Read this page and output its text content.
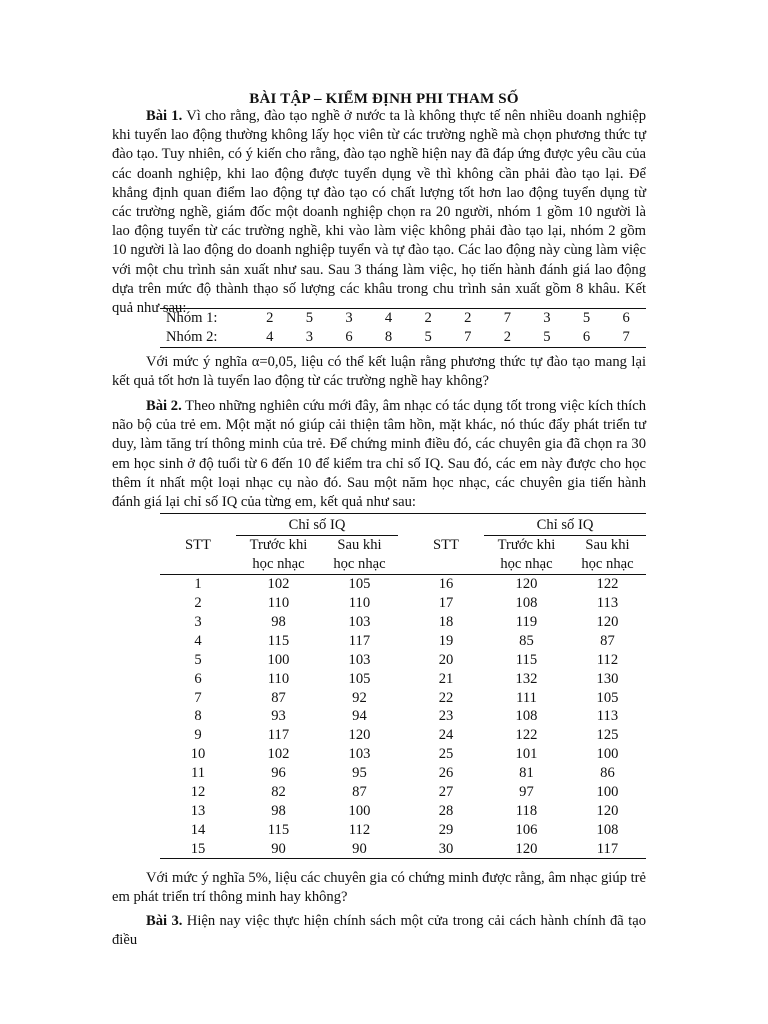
BÀI TẬP – KIỂM ĐỊNH PHI THAM SỐ

Bài 1. Vì cho rằng, đào tạo nghề ở nước ta là không thực tế nên nhiều doanh nghiệp khi tuyển lao động thường không lấy học viên từ các trường nghề mà chọn phương thức tự đào tạo. Tuy nhiên, có ý kiến cho rằng, đào tạo nghề hiện nay đã đáp ứng được yêu cầu của các doanh nghiệp, khi lao động được tuyển dụng về thì không cần phải đào tạo lại. Để khẳng định quan điểm lao động tự đào tạo có chất lượng tốt hơn lao động tuyển dụng từ các trường nghề, giám đốc một doanh nghiệp chọn ra 20 người, nhóm 1 gồm 10 người là lao động tuyển từ các trường nghề, khi vào làm việc không phải đào tạo lại, nhóm 2 gồm 10 người là lao động do doanh nghiệp tuyển và tự đào tạo. Các lao động này cùng làm việc với một chu trình sản xuất như sau. Sau 3 tháng làm việc, họ tiến hành đánh giá lao động dựa trên mức độ thành thạo số lượng các khâu trong chu trình sản xuất gồm 8 khâu. Kết quả như sau:

Nhóm 1:	2	5	3	4	2	2	7	3	5	6
Nhóm 2:	4	3	6	8	5	7	2	5	6	7

Với mức ý nghĩa α=0,05, liệu có thể kết luận rằng phương thức tự đào tạo mang lại kết quả tốt hơn là tuyển lao động từ các trường nghề hay không?

Bài 2. Theo những nghiên cứu mới đây, âm nhạc có tác dụng tốt trong việc kích thích não bộ của trẻ em. Một mặt nó giúp cải thiện tâm hồn, mặt khác, nó thúc đẩy phát triển tư duy, làm tăng trí thông minh của trẻ. Để chứng minh điều đó, các chuyên gia đã chọn ra 30 em học sinh ở độ tuổi từ 6 đến 10 để kiểm tra chỉ số IQ. Sau đó, các em này được cho học thêm ít nhất một loại nhạc cụ nào đó. Sau một năm học nhạc, các chuyên gia tiến hành đánh giá lại chỉ số IQ của từng em, kết quả như sau:

	Chỉ số IQ				Chỉ số IQ	
STT	Trước khi	Sau khi		STT	Trước khi	Sau khi
	học nhạc	học nhạc			học nhạc	học nhạc
1	102	105		16	120	122
2	110	110		17	108	113
3	98	103		18	119	120
4	115	117		19	85	87
5	100	103		20	115	112
6	110	105		21	132	130
7	87	92		22	111	105
8	93	94		23	108	113
9	117	120		24	122	125
10	102	103		25	101	100
11	96	95		26	81	86
12	82	87		27	97	100
13	98	100		28	118	120
14	115	112		29	106	108
15	90	90		30	120	117

Với mức ý nghĩa 5%, liệu các chuyên gia có chứng minh được rằng, âm nhạc giúp trẻ em phát triển trí thông minh hay không?

Bài 3. Hiện nay việc thực hiện chính sách một cửa trong cải cách hành chính đã tạo điều
